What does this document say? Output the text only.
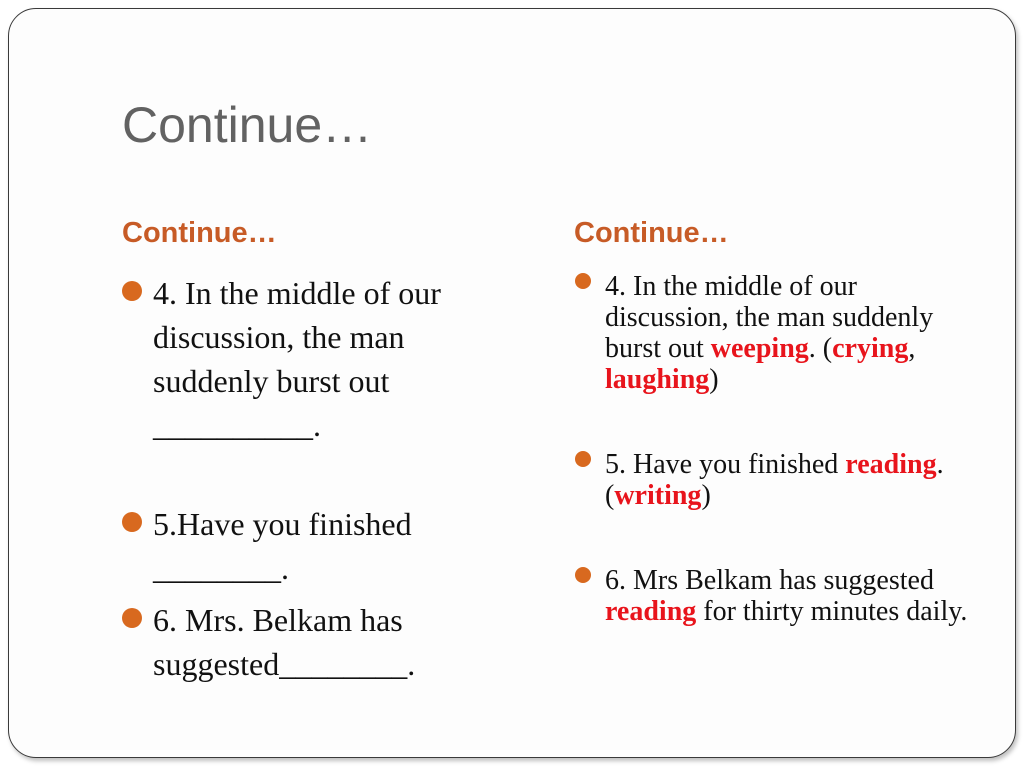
Continue…
Continue…	Continue…
4. In the middle of our discussion, the man suddenly burst out __________.
5.Have you finished ________.
6. Mrs. Belkam has suggested________.
4. In the middle of our discussion, the man suddenly burst out weeping. (crying, laughing)
5. Have you finished reading. (writing)
6. Mrs Belkam has suggested reading for thirty minutes daily.
